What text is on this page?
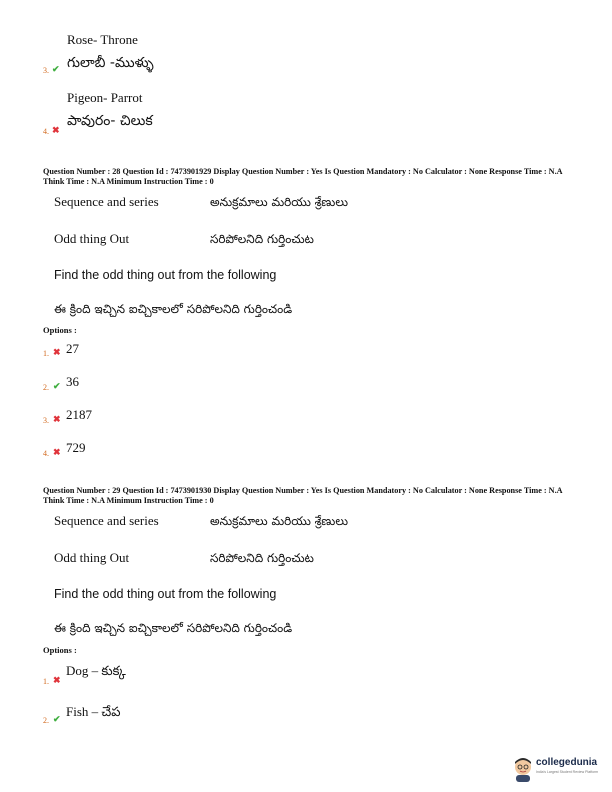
Rose- Throne
3. ✔ గులాబీ -ముళ్ళు
Pigeon- Parrot
4. ✖
పావురం- చిలుక
Question Number : 28 Question Id : 7473901929 Display Question Number : Yes Is Question Mandatory : No Calculator : None Response Time : N.A Think Time : N.A Minimum Instruction Time : 0
Sequence and series	అనుక్రమాలు మరియు శ్రేణులు
Odd thing Out	సరిపోలనిది గుర్తించుట
Find the odd thing out from the following
ఈ క్రింది ఇచ్చిన ఐచ్చికాలలో సరిపోలనిది గుర్తించండి
Options :
1. ✖ 27
2. ✔ 36
3. ✖ 2187
4. ✖ 729
Question Number : 29 Question Id : 7473901930 Display Question Number : Yes Is Question Mandatory : No Calculator : None Response Time : N.A Think Time : N.A Minimum Instruction Time : 0
Sequence and series	అనుక్రమాలు మరియు శ్రేణులు
Odd thing Out	సరిపోలనిది గుర్తించుట
Find the odd thing out from the following
ఈ క్రింది ఇచ్చిన ఐచ్చికాలలో సరిపోలనిది గుర్తించండి
Options :
1. ✖
Dog – కుక్క
2. ✔ Fish – చేప
collegedunia
India's Largest Student Review Platform
